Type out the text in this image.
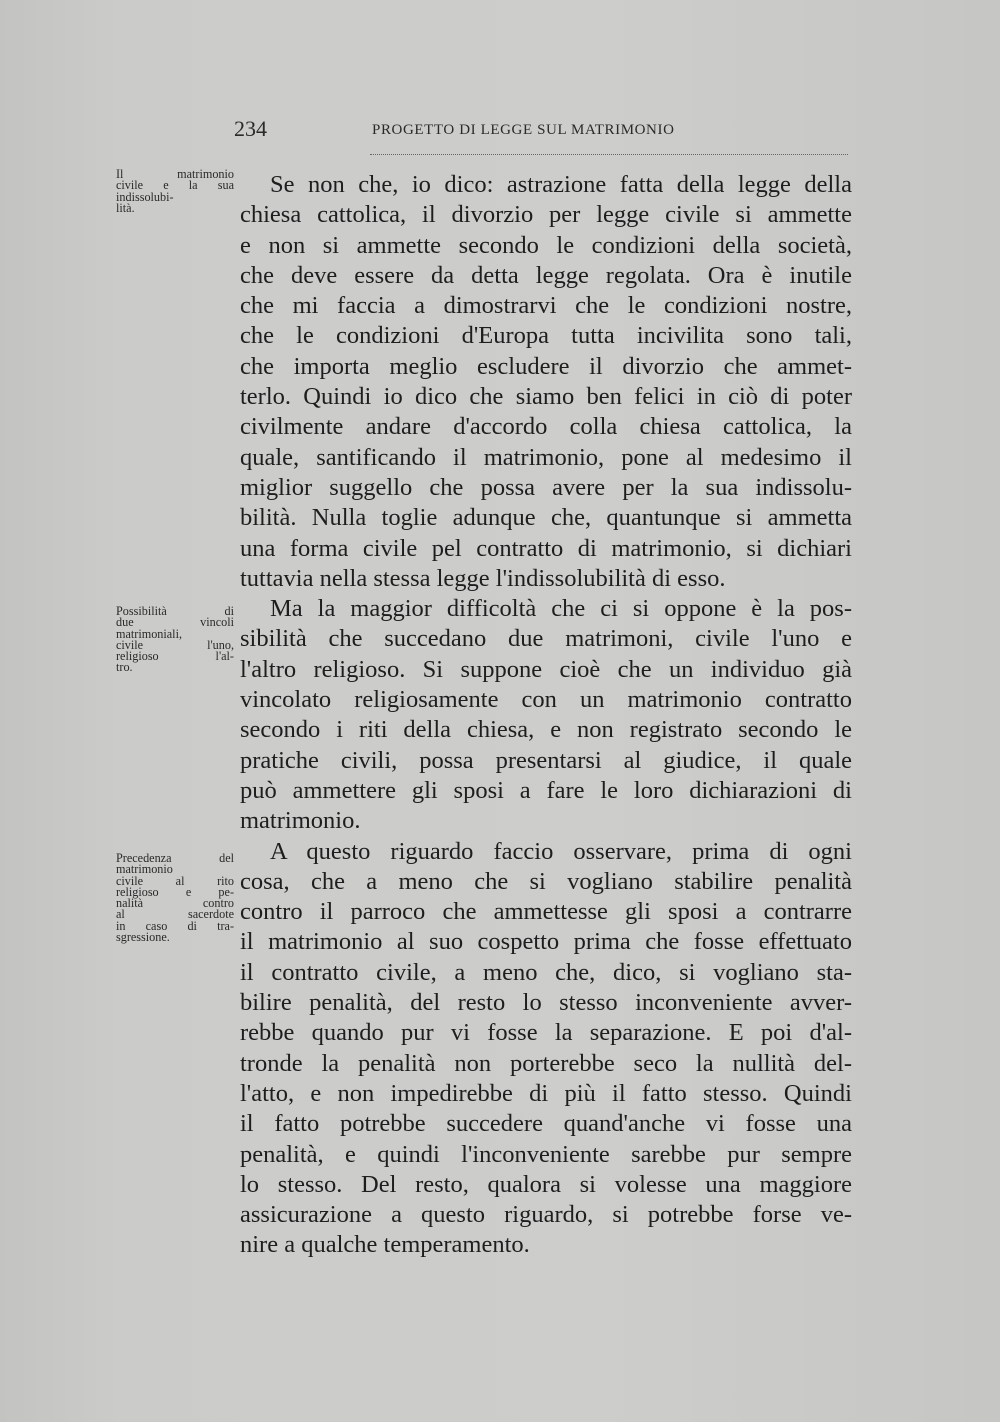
234	PROGETTO DI LEGGE SUL MATRIMONIO
Il matrimonio
civile e la sua
indissolubi-
lità.
Possibilità di
due vincoli
matrimoniali,
civile l'uno,
religioso l'al-
tro.
Precedenza del
matrimonio
civile al rito
religioso e pe-
nalità contro
al sacerdote
in caso di tra-
sgressione.
Se non che, io dico: astrazione fatta della legge della
chiesa cattolica, il divorzio per legge civile si ammette
e non si ammette secondo le condizioni della società,
che deve essere da detta legge regolata. Ora è inutile
che mi faccia a dimostrarvi che le condizioni nostre,
che le condizioni d'Europa tutta incivilita sono tali,
che importa meglio escludere il divorzio che ammet-
terlo. Quindi io dico che siamo ben felici in ciò di poter
civilmente andare d'accordo colla chiesa cattolica, la
quale, santificando il matrimonio, pone al medesimo il
miglior suggello che possa avere per la sua indissolu-
bilità. Nulla toglie adunque che, quantunque si ammetta
una forma civile pel contratto di matrimonio, si dichiari
tuttavia nella stessa legge l'indissolubilità di esso.
Ma la maggior difficoltà che ci si oppone è la pos-
sibilità che succedano due matrimoni, civile l'uno e
l'altro religioso. Si suppone cioè che un individuo già
vincolato religiosamente con un matrimonio contratto
secondo i riti della chiesa, e non registrato secondo le
pratiche civili, possa presentarsi al giudice, il quale
può ammettere gli sposi a fare le loro dichiarazioni di
matrimonio.
A questo riguardo faccio osservare, prima di ogni
cosa, che a meno che si vogliano stabilire penalità
contro il parroco che ammettesse gli sposi a contrarre
il matrimonio al suo cospetto prima che fosse effettuato
il contratto civile, a meno che, dico, si vogliano sta-
bilire penalità, del resto lo stesso inconveniente avver-
rebbe quando pur vi fosse la separazione. E poi d'al-
tronde la penalità non porterebbe seco la nullità del-
l'atto, e non impedirebbe di più il fatto stesso. Quindi
il fatto potrebbe succedere quand'anche vi fosse una
penalità, e quindi l'inconveniente sarebbe pur sempre
lo stesso. Del resto, qualora si volesse una maggiore
assicurazione a questo riguardo, si potrebbe forse ve-
nire a qualche temperamento.
